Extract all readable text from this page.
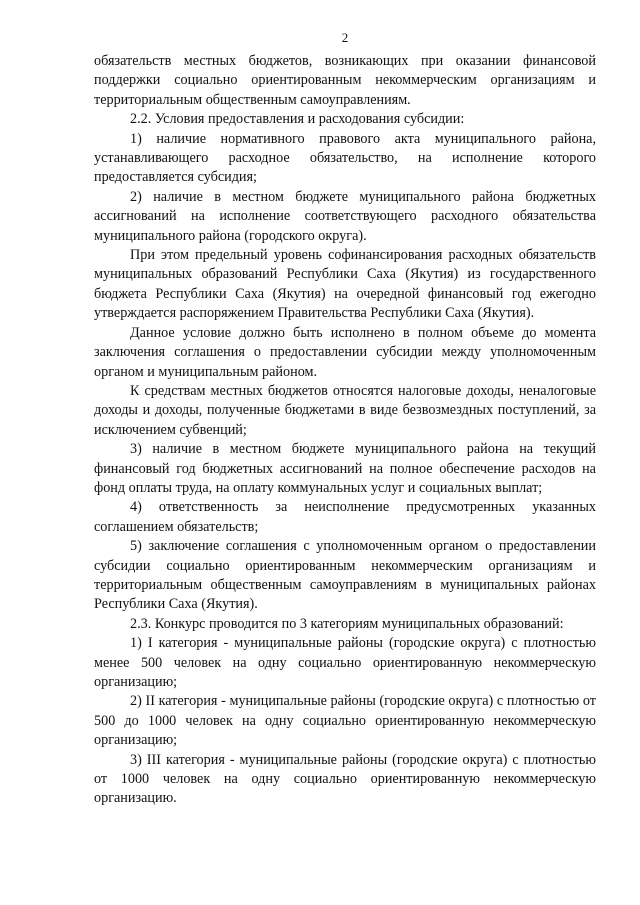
2

обязательств местных бюджетов, возникающих при оказании финансовой поддержки социально ориентированным некоммерческим организациям и территориальным общественным самоуправлениям.

2.2. Условия предоставления и расходования субсидии:

1) наличие нормативного правового акта муниципального района, устанавливающего расходное обязательство, на исполнение которого предоставляется субсидия;

2) наличие в местном бюджете муниципального района бюджетных ассигнований на исполнение соответствующего расходного обязательства муниципального района (городского округа).

При этом предельный уровень софинансирования расходных обязательств муниципальных образований Республики Саха (Якутия) из государственного бюджета Республики Саха (Якутия) на очередной финансовый год ежегодно утверждается распоряжением Правительства Республики Саха (Якутия).

Данное условие должно быть исполнено в полном объеме до момента заключения соглашения о предоставлении субсидии между уполномоченным органом и муниципальным районом.

К средствам местных бюджетов относятся налоговые доходы, неналоговые доходы и доходы, полученные бюджетами в виде безвозмездных поступлений, за исключением субвенций;

3) наличие в местном бюджете муниципального района на текущий финансовый год бюджетных ассигнований на полное обеспечение расходов на фонд оплаты труда, на оплату коммунальных услуг и социальных выплат;

4) ответственность за неисполнение предусмотренных указанных соглашением обязательств;

5) заключение соглашения с уполномоченным органом о предоставлении субсидии социально ориентированным некоммерческим организациям и территориальным общественным самоуправлениям в муниципальных районах Республики Саха (Якутия).

2.3. Конкурс проводится по 3 категориям муниципальных образований:

1) I категория - муниципальные районы (городские округа) с плотностью менее 500 человек на одну социально ориентированную некоммерческую организацию;

2) II категория - муниципальные районы (городские округа) с плотностью от 500 до 1000 человек на одну социально ориентированную некоммерческую организацию;

3) III категория - муниципальные районы (городские округа) с плотностью от 1000 человек на одну социально ориентированную некоммерческую организацию.
